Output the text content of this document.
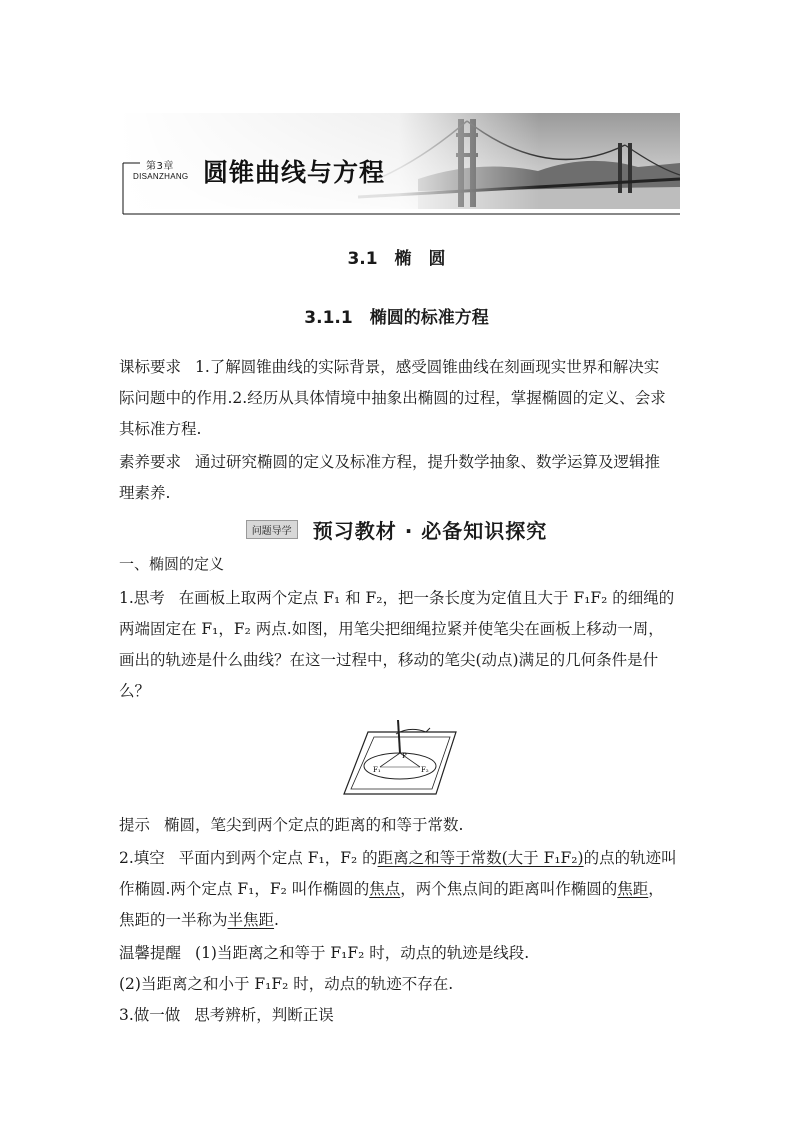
第3章
DISANZHANG 圆锥曲线与方程
3.1　椭　圆
3.1.1　椭圆的标准方程
课标要求 1.了解圆锥曲线的实际背景，感受圆锥曲线在刻画现实世界和解决实
际问题中的作用.2.经历从具体情境中抽象出椭圆的过程，掌握椭圆的定义、会求
其标准方程.
素养要求 通过研究椭圆的定义及标准方程，提升数学抽象、数学运算及逻辑推
理素养.
问题导学 预习教材 · 必备知识探究
一、椭圆的定义
1.思考 在画板上取两个定点 F₁ 和 F₂，把一条长度为定值且大于 F₁F₂ 的细绳的
两端固定在 F₁，F₂ 两点.如图，用笔尖把细绳拉紧并使笔尖在画板上移动一周，
画出的轨迹是什么曲线？在这一过程中，移动的笔尖(动点)满足的几何条件是什
么？
F₁	F₂
P
提示 椭圆，笔尖到两个定点的距离的和等于常数.
2.填空 平面内到两个定点 F₁，F₂ 的距离之和等于常数(大于 F₁F₂)的点的轨迹叫
作椭圆.两个定点 F₁，F₂ 叫作椭圆的焦点，两个焦点间的距离叫作椭圆的焦距，
焦距的一半称为半焦距.
温馨提醒 (1)当距离之和等于 F₁F₂ 时，动点的轨迹是线段.
(2)当距离之和小于 F₁F₂ 时，动点的轨迹不存在.
3.做一做 思考辨析，判断正误
